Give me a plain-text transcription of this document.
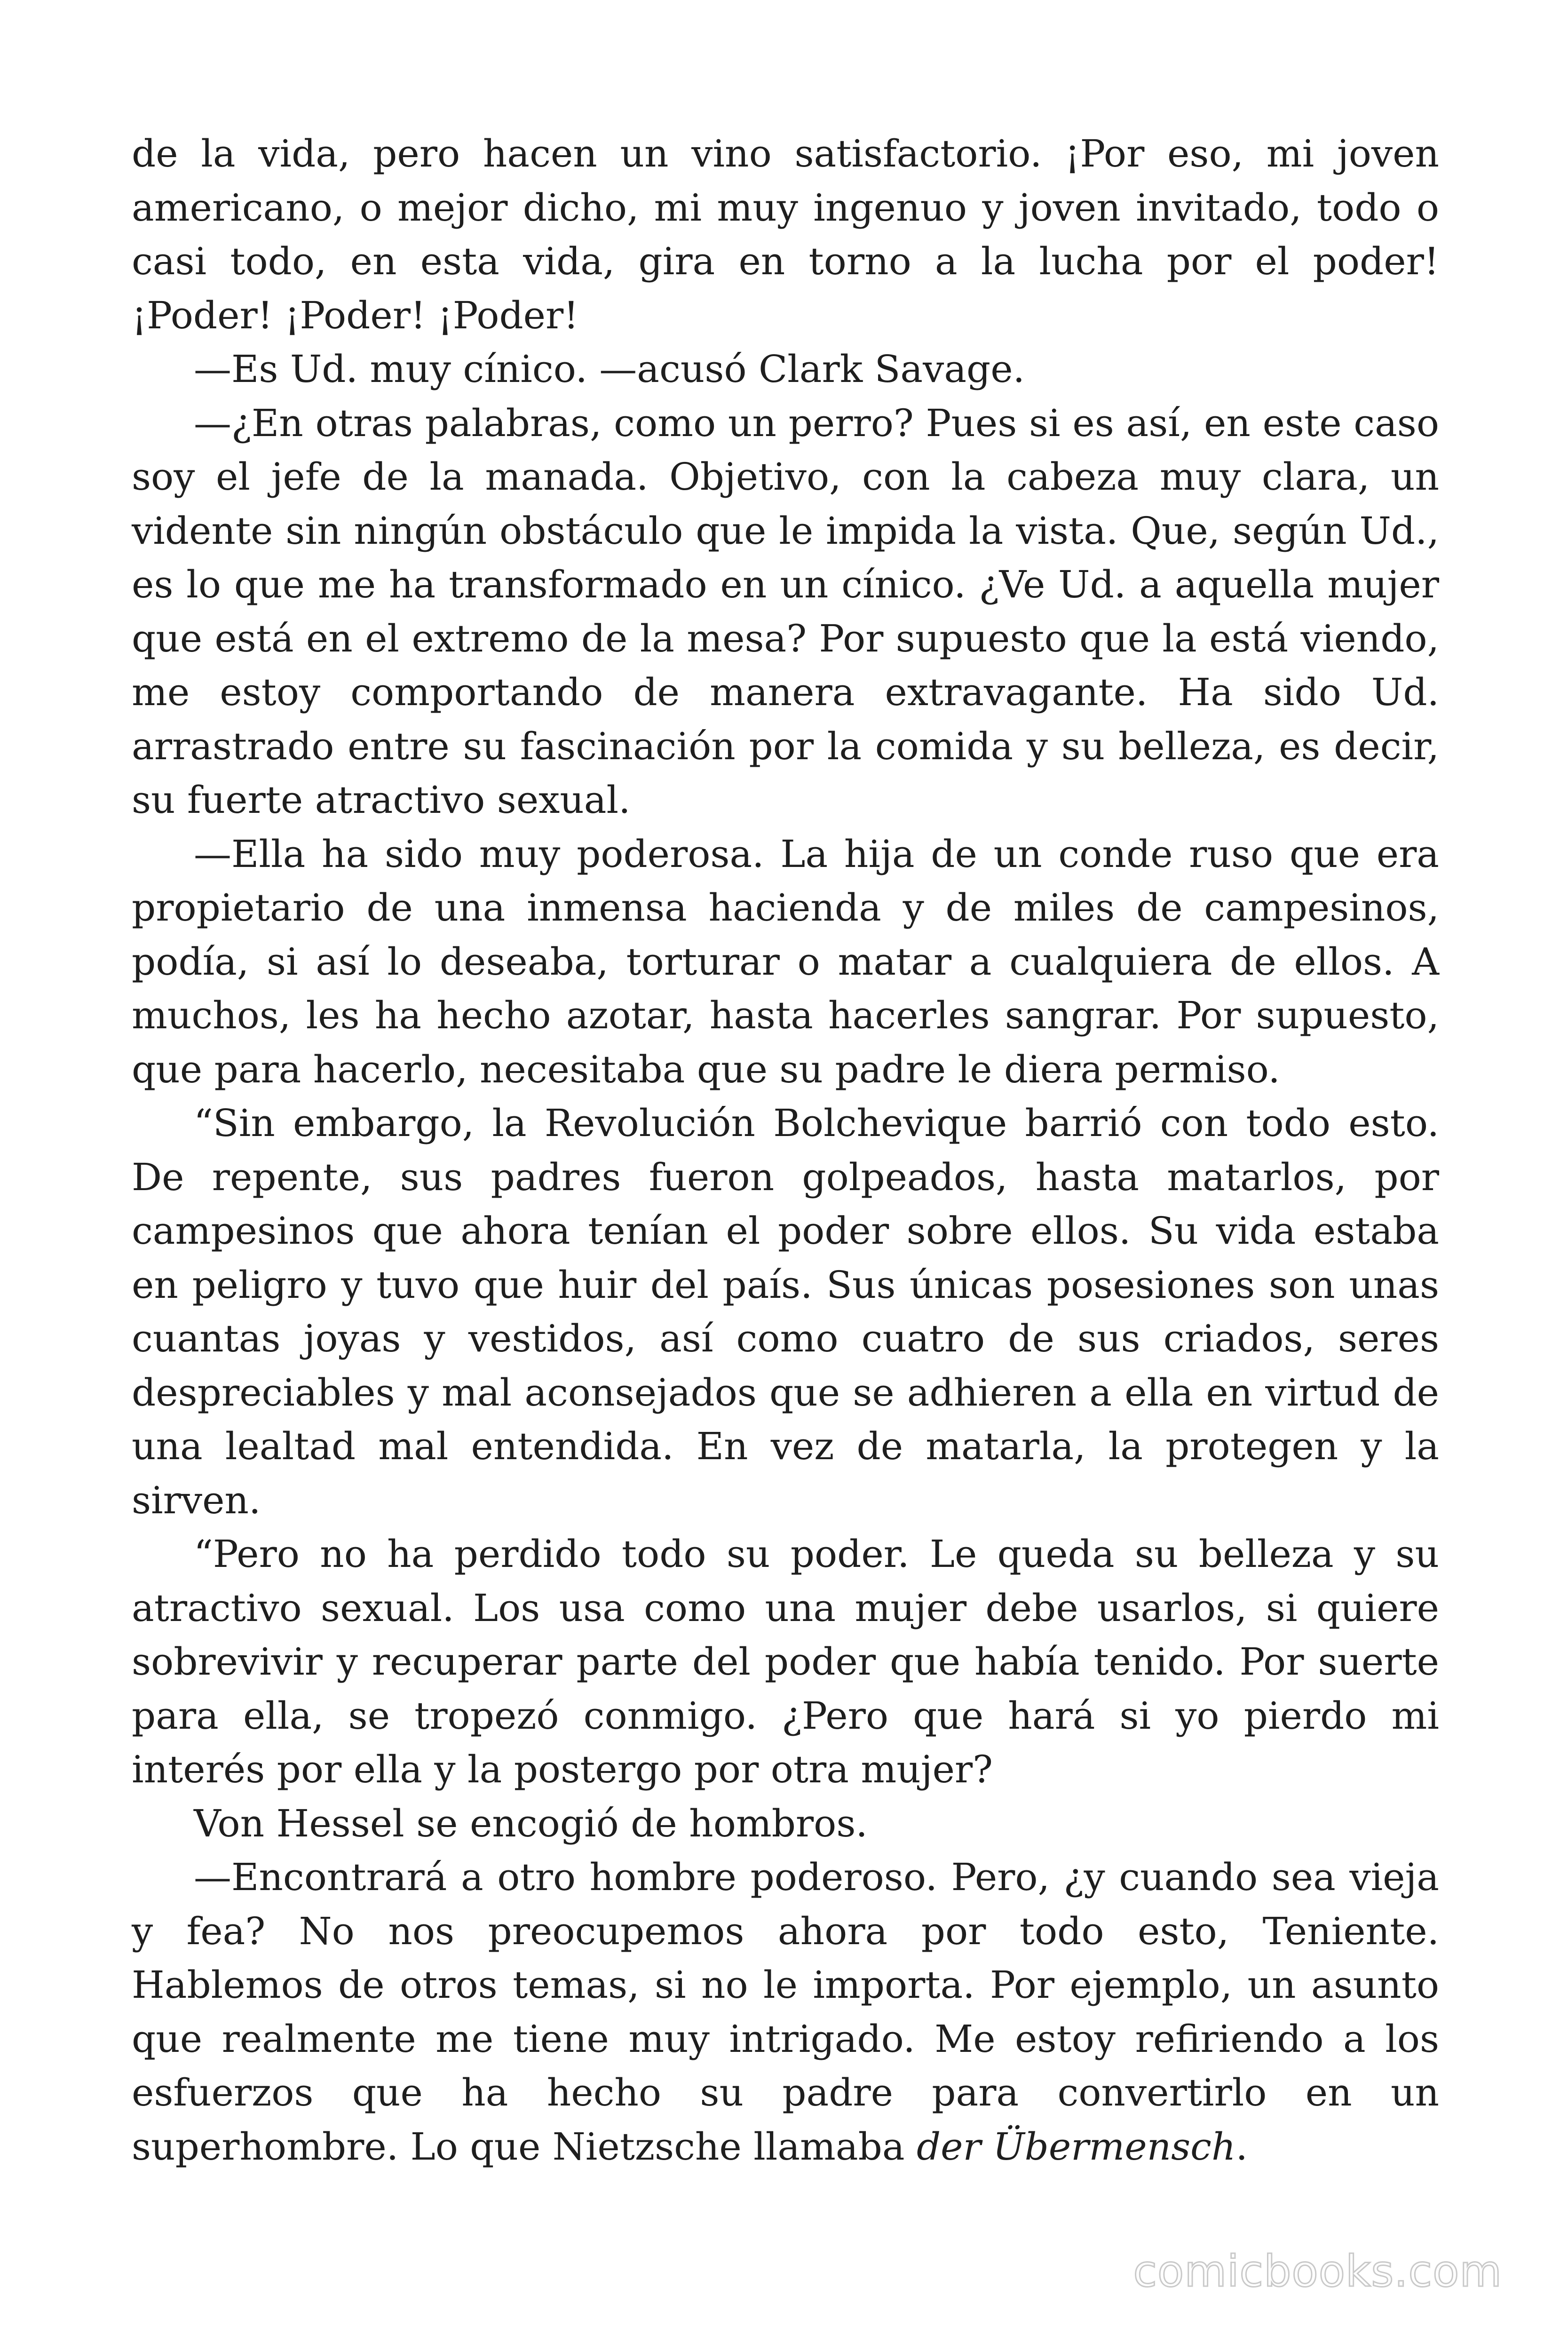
de la vida, pero hacen un vino satisfactorio. ¡Por eso, mi joven americano, o mejor dicho, mi muy ingenuo y joven invitado, todo o casi todo, en esta vida, gira en torno a la lucha por el poder! ¡Poder! ¡Poder! ¡Poder!

—Es Ud. muy cínico. —acusó Clark Savage.

—¿En otras palabras, como un perro? Pues si es así, en este caso soy el jefe de la manada. Objetivo, con la cabeza muy clara, un vidente sin ningún obstáculo que le impida la vista. Que, según Ud., es lo que me ha transformado en un cínico. ¿Ve Ud. a aquella mujer que está en el extremo de la mesa? Por supuesto que la está viendo, me estoy comportando de manera extravagante. Ha sido Ud. arrastrado entre su fascinación por la comida y su belleza, es decir, su fuerte atractivo sexual.

—Ella ha sido muy poderosa. La hija de un conde ruso que era propietario de una inmensa hacienda y de miles de campesinos, podía, si así lo deseaba, torturar o matar a cualquiera de ellos. A muchos, les ha hecho azotar, hasta hacerles sangrar. Por supuesto, que para hacerlo, necesitaba que su padre le diera permiso.

“Sin embargo, la Revolución Bolchevique barrió con todo esto. De repente, sus padres fueron golpeados, hasta matarlos, por campesinos que ahora tenían el poder sobre ellos. Su vida estaba en peligro y tuvo que huir del país. Sus únicas posesiones son unas cuantas joyas y vestidos, así como cuatro de sus criados, seres despreciables y mal aconsejados que se adhieren a ella en virtud de una lealtad mal entendida. En vez de matarla, la protegen y la sirven.

“Pero no ha perdido todo su poder. Le queda su belleza y su atractivo sexual. Los usa como una mujer debe usarlos, si quiere sobrevivir y recuperar parte del poder que había tenido. Por suerte para ella, se tropezó conmigo. ¿Pero que hará si yo pierdo mi interés por ella y la postergo por otra mujer?

Von Hessel se encogió de hombros.

—Encontrará a otro hombre poderoso. Pero, ¿y cuando sea vieja y fea? No nos preocupemos ahora por todo esto, Teniente. Hablemos de otros temas, si no le importa. Por ejemplo, un asunto que realmente me tiene muy intrigado. Me estoy refiriendo a los esfuerzos que ha hecho su padre para convertirlo en un superhombre. Lo que Nietzsche llamaba der Übermensch.

comicbooks.com
